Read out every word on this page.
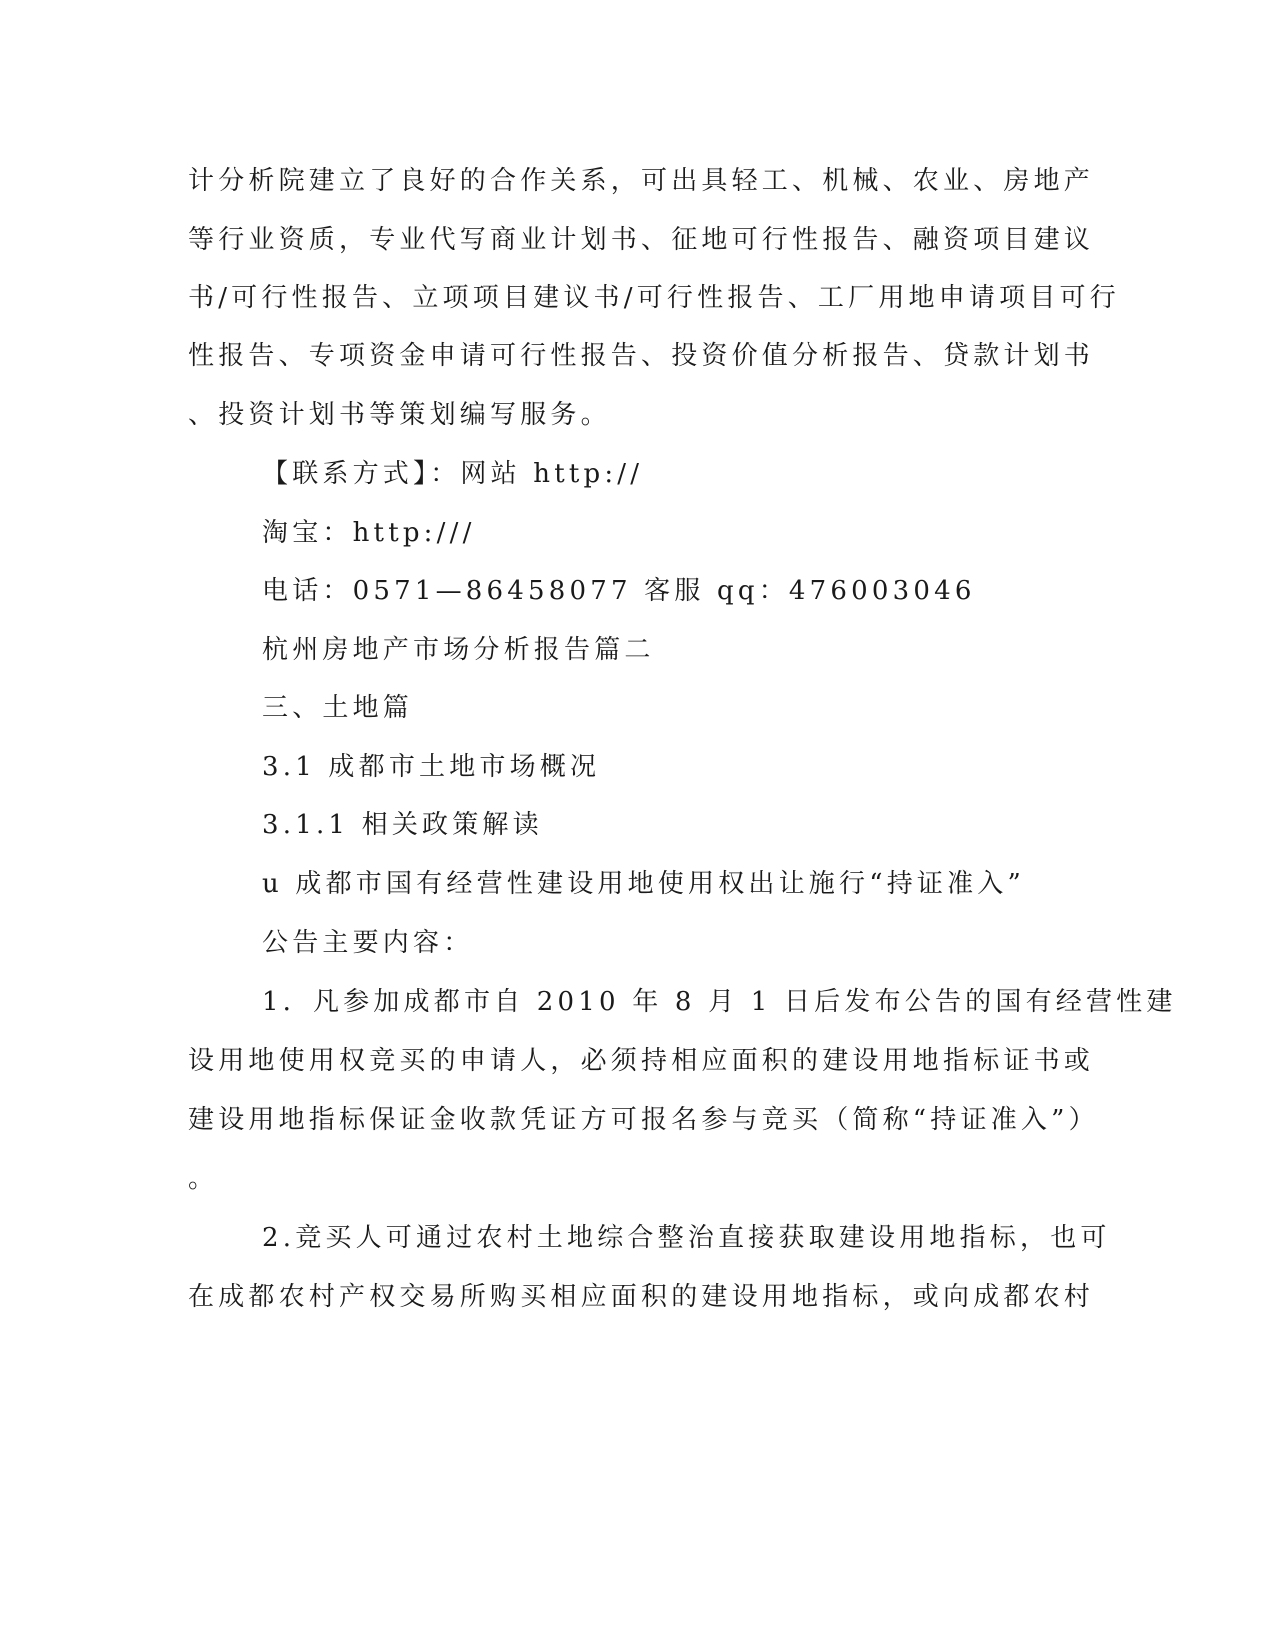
计分析院建立了良好的合作关系，可出具轻工、机械、农业、房地产
等行业资质，专业代写商业计划书、征地可行性报告、融资项目建议
书/可行性报告、立项项目建议书/可行性报告、工厂用地申请项目可行
性报告、专项资金申请可行性报告、投资价值分析报告、贷款计划书
、投资计划书等策划编写服务。
【联系方式】：网站 http://
淘宝：http:///
电话：0571—86458077 客服 qq：476003046
杭州房地产市场分析报告篇二
三、土地篇
3.1 成都市土地市场概况
3.1.1 相关政策解读
u 成都市国有经营性建设用地使用权出让施行“持证准入”
公告主要内容：
1．凡参加成都市自 2010 年 8 月 1 日后发布公告的国有经营性建
设用地使用权竞买的申请人，必须持相应面积的建设用地指标证书或
建设用地指标保证金收款凭证方可报名参与竞买（简称“持证准入”）
。
2.竞买人可通过农村土地综合整治直接获取建设用地指标，也可
在成都农村产权交易所购买相应面积的建设用地指标，或向成都农村
